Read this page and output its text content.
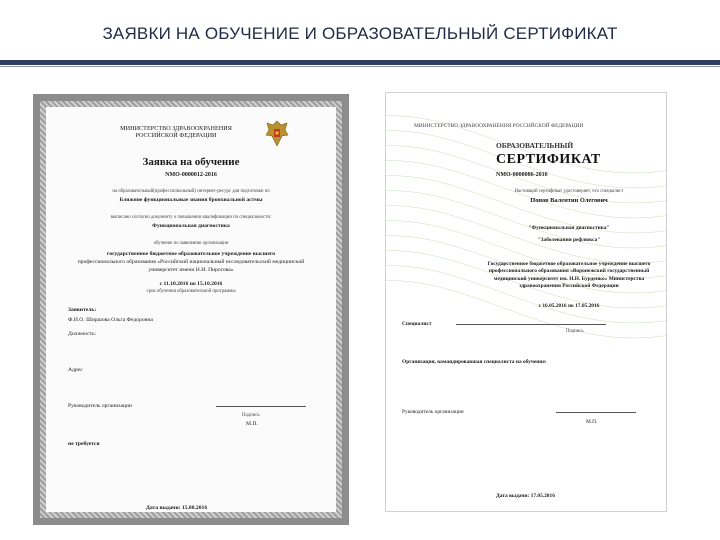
ЗАЯВКИ НА ОБУЧЕНИЕ И ОБРАЗОВАТЕЛЬНЫЙ СЕРТИФИКАТ
МИНИСТЕРСТВО ЗДРАВООХРАНЕНИЯ РОССИЙСКОЙ ФЕДЕРАЦИИ
Заявка на обучение
NMO-0000012-2016
на образовательный(профессиональный) интернет-ресурс для подготовки по
Ближние функциональные знания бронхиальной астмы
выписано согласно документу о повышении квалификации по специальности:
Функциональная диагностика
обучение по заявлению организации
государственное бюджетное образовательное учреждение высшего
профессионального образования «Российский национальный исследовательский медицинский университет имени Н.И. Пирогова»
с 11.10.2016 по 15.10.2016
срок обучения образовательной программы
Заявитель:
Ф.И.О. Ширшова Ольга Федоровна
Должность:
Адрес
Руководитель организации
Подпись
М.П.
не требуется
Дата выдачи: 15.08.2016
МИНИСТЕРСТВО ЗДРАВООХРАНЕНИЯ РОССИЙСКОЙ ФЕДЕРАЦИИ
ОБРАЗОВАТЕЛЬНЫЙ
СЕРТИФИКАТ
NMO-0000086-2016
Настоящий сертификат удостоверяет, что специалист
Попов Валентин Олегович
"Функциональная диагностика"
"Заболевания рефлюкса"
Государственное бюджетное образовательное учреждение высшего профессионального образования «Воронежский государственный медицинский университет им. Н.Н. Бурденко» Министерства здравоохранения Российской Федерации
с 16.05.2016 по 17.05.2016
Специалист
Подпись
Организация, командировавшая специалиста на обучение:
Руководитель организации
М.П.
Дата выдачи: 17.05.2016
